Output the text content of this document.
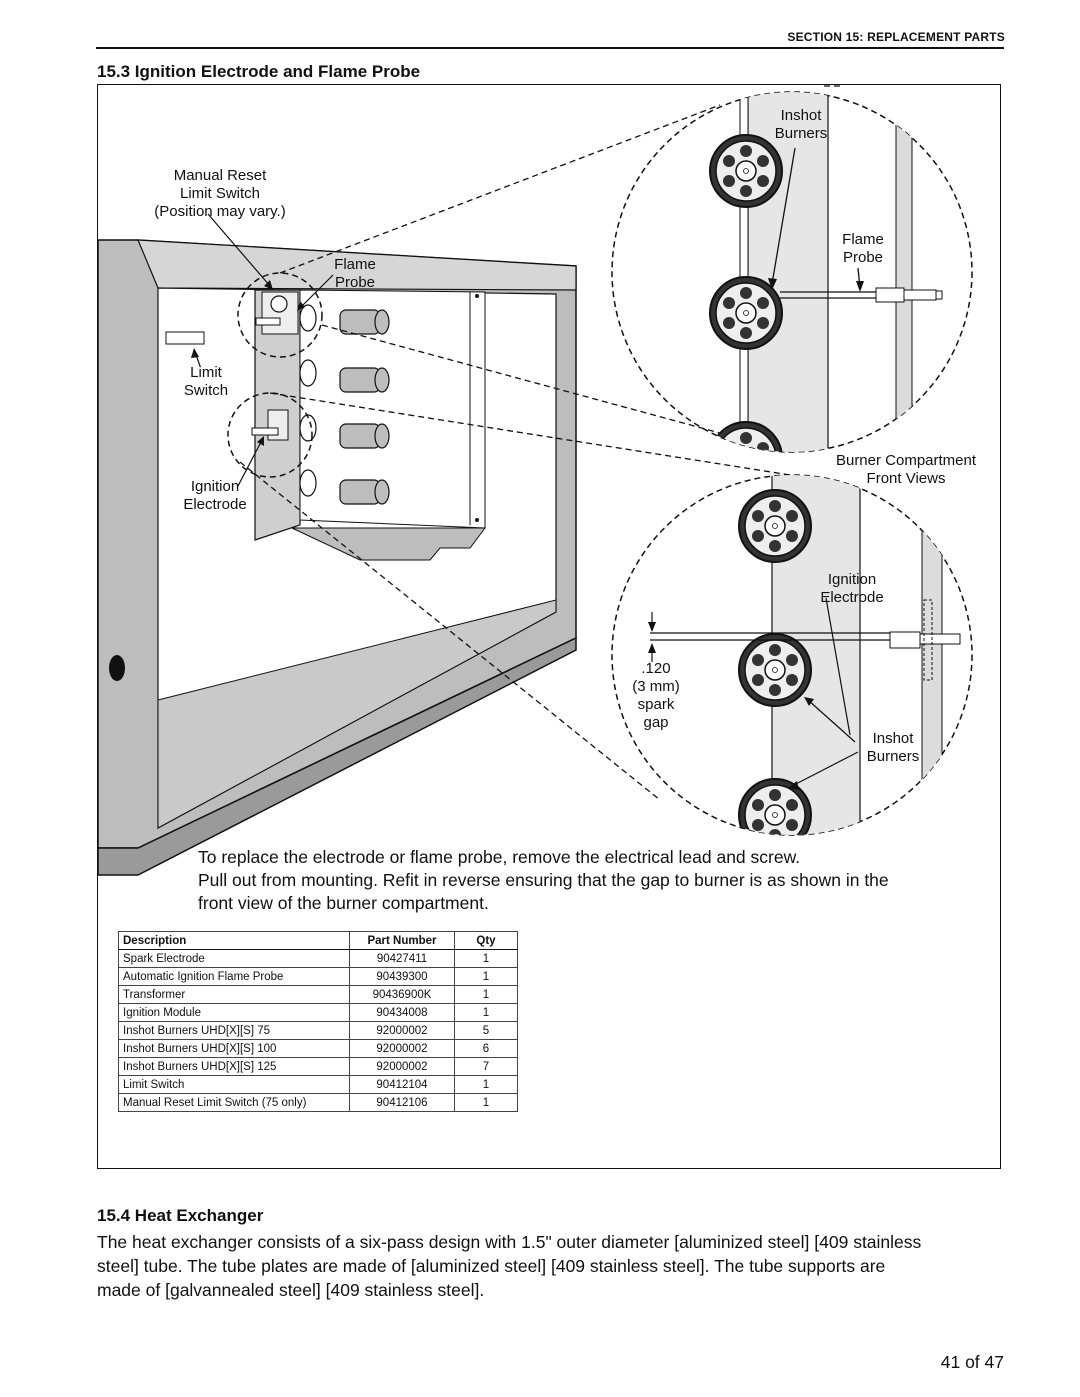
SECTION 15: REPLACEMENT PARTS
15.3 Ignition Electrode and Flame Probe
Manual Reset
Limit Switch
(Position may vary.)
Flame
Probe
Limit
Switch
Ignition
Electrode
Inshot
Burners
Flame
Probe
Burner Compartment
Front Views
Ignition
Electrode
.120
(3 mm)
spark
gap
Inshot
Burners
To replace the electrode or flame probe, remove the electrical lead and screw.
Pull out from mounting. Refit in reverse ensuring that the gap to burner is as shown in the
front view of the burner compartment.
Description	Part Number	Qty
Spark Electrode	90427411	1
Automatic Ignition Flame Probe	90439300	1
Transformer	90436900K	1
Ignition Module	90434008	1
Inshot Burners UHD[X][S] 75	92000002	5
Inshot Burners UHD[X][S] 100	92000002	6
Inshot Burners UHD[X][S] 125	92000002	7
Limit Switch	90412104	1
Manual Reset Limit Switch (75 only)	90412106	1
15.4 Heat Exchanger
The heat exchanger consists of a six-pass design with 1.5" outer diameter [aluminized steel] [409 stainless
steel] tube. The tube plates are made of [aluminized steel] [409 stainless steel]. The tube supports are
made of [galvannealed steel] [409 stainless steel].
41 of 47
